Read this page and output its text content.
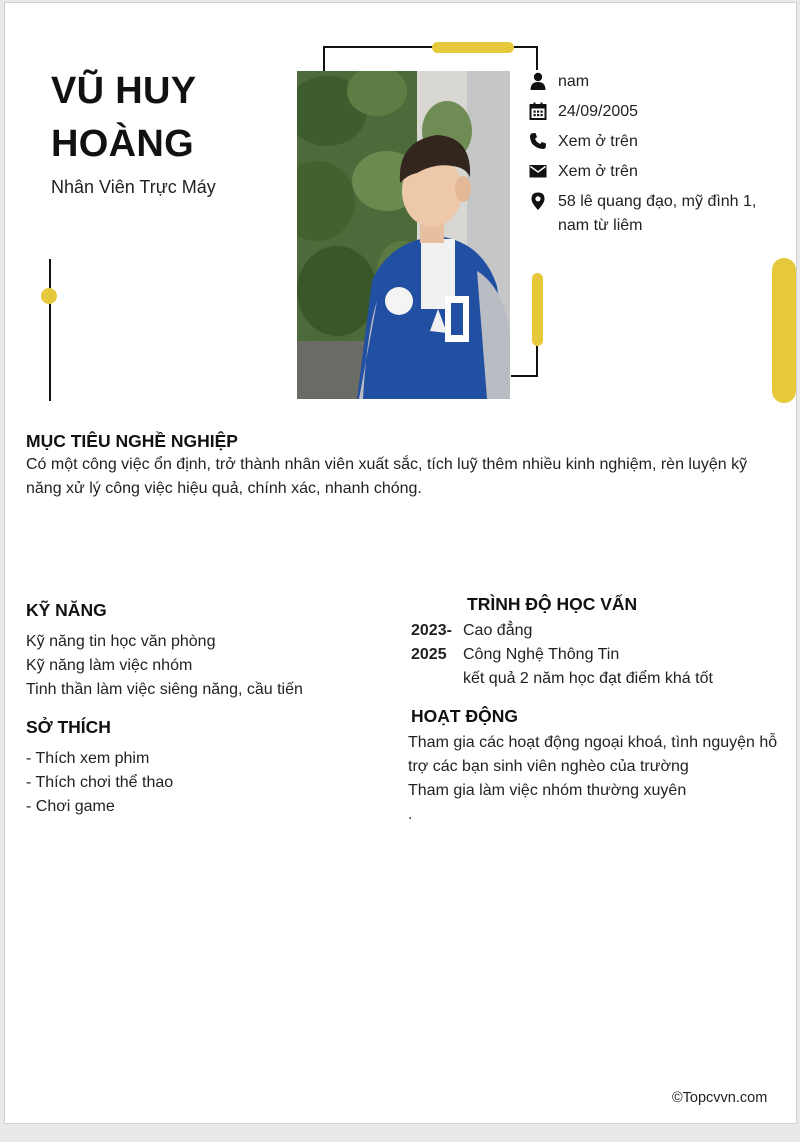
VŨ HUY
HOÀNG
Nhân Viên Trực Máy
nam
24/09/2005
Xem ở trên
Xem ở trên
58 lê quang đạo, mỹ đình 1, nam từ liêm
MỤC TIÊU NGHỀ NGHIỆP
Có một công việc ổn định, trở thành nhân viên xuất sắc, tích luỹ thêm nhiều kinh nghiệm, rèn luyện kỹ năng xử lý công việc hiệu quả, chính xác, nhanh chóng.
KỸ NĂNG
Kỹ năng tin học văn phòng
Kỹ năng làm việc nhóm
Tinh thần làm việc siêng năng, cầu tiến
SỞ THÍCH
- Thích xem phim
- Thích chơi thể thao
- Chơi game
TRÌNH ĐỘ HỌC VẤN
2023-
2025
Cao đẳng
Công Nghệ Thông Tin
kết quả 2 năm học đạt điểm khá tốt
HOẠT ĐỘNG
Tham gia các hoạt động ngoại khoá, tình nguyện hỗ trợ các bạn sinh viên nghèo của trường
Tham gia làm việc nhóm thường xuyên
.
©Topcvvn.com
